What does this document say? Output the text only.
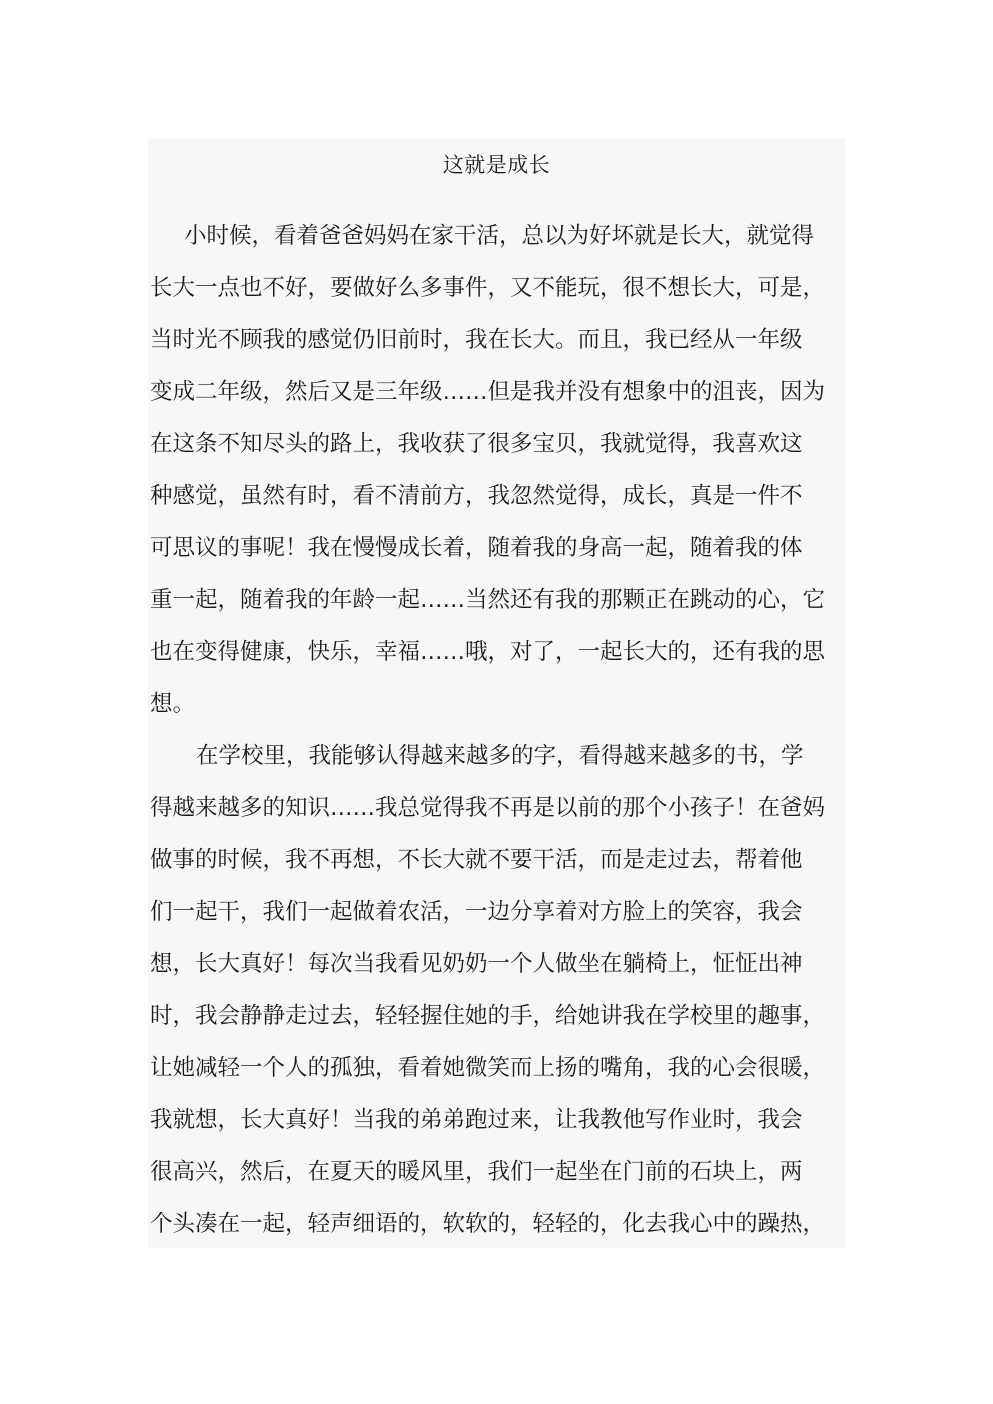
这就是成长
小时候，看着爸爸妈妈在家干活，总以为好坏就是长大，就觉得
长大一点也不好，要做好么多事件，又不能玩，很不想长大，可是，
当时光不顾我的感觉仍旧前时，我在长大。而且，我已经从一年级
变成二年级，然后又是三年级……但是我并没有想象中的沮丧，因为
在这条不知尽头的路上，我收获了很多宝贝，我就觉得，我喜欢这
种感觉，虽然有时，看不清前方，我忽然觉得，成长，真是一件不
可思议的事呢！我在慢慢成长着，随着我的身高一起，随着我的体
重一起，随着我的年龄一起……当然还有我的那颗正在跳动的心，它
也在变得健康，快乐，幸福……哦，对了，一起长大的，还有我的思
想。
在学校里，我能够认得越来越多的字，看得越来越多的书，学
得越来越多的知识……我总觉得我不再是以前的那个小孩子！在爸妈
做事的时候，我不再想，不长大就不要干活，而是走过去，帮着他
们一起干，我们一起做着农活，一边分享着对方脸上的笑容，我会
想，长大真好！每次当我看见奶奶一个人做坐在躺椅上，怔怔出神
时，我会静静走过去，轻轻握住她的手，给她讲我在学校里的趣事，
让她减轻一个人的孤独，看着她微笑而上扬的嘴角，我的心会很暖，
我就想，长大真好！当我的弟弟跑过来，让我教他写作业时，我会
很高兴，然后，在夏天的暖风里，我们一起坐在门前的石块上，两
个头凑在一起，轻声细语的，软软的，轻轻的，化去我心中的躁热，
